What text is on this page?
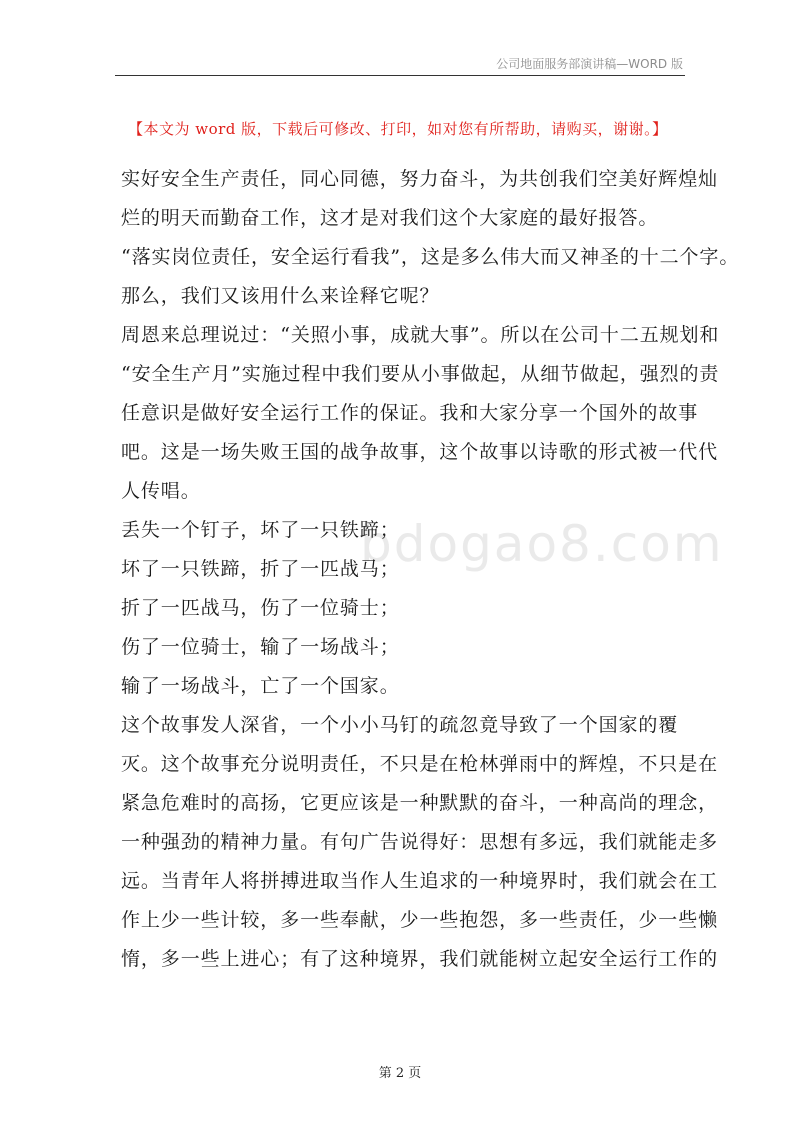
公司地面服务部演讲稿—WORD 版
【本文为 word 版，下载后可修改、打印，如对您有所帮助，请购买，谢谢。】
bdogao8.com
实好安全生产责任，同心同德，努力奋斗，为共创我们空美好辉煌灿
烂的明天而勤奋工作，这才是对我们这个大家庭的最好报答。
“落实岗位责任，安全运行看我”，这是多么伟大而又神圣的十二个字。
那么，我们又该用什么来诠释它呢？
周恩来总理说过：“关照小事，成就大事”。所以在公司十二五规划和
“安全生产月”实施过程中我们要从小事做起，从细节做起，强烈的责
任意识是做好安全运行工作的保证。我和大家分享一个国外的故事
吧。这是一场失败王国的战争故事，这个故事以诗歌的形式被一代代
人传唱。
丢失一个钉子，坏了一只铁蹄；
坏了一只铁蹄，折了一匹战马；
折了一匹战马，伤了一位骑士；
伤了一位骑士，输了一场战斗；
输了一场战斗，亡了一个国家。
这个故事发人深省，一个小小马钉的疏忽竟导致了一个国家的覆
灭。这个故事充分说明责任，不只是在枪林弹雨中的辉煌，不只是在
紧急危难时的高扬，它更应该是一种默默的奋斗，一种高尚的理念，
一种强劲的精神力量。有句广告说得好：思想有多远，我们就能走多
远。当青年人将拼搏进取当作人生追求的一种境界时，我们就会在工
作上少一些计较，多一些奉献，少一些抱怨，多一些责任，少一些懒
惰，多一些上进心；有了这种境界，我们就能树立起安全运行工作的
第 2 页
